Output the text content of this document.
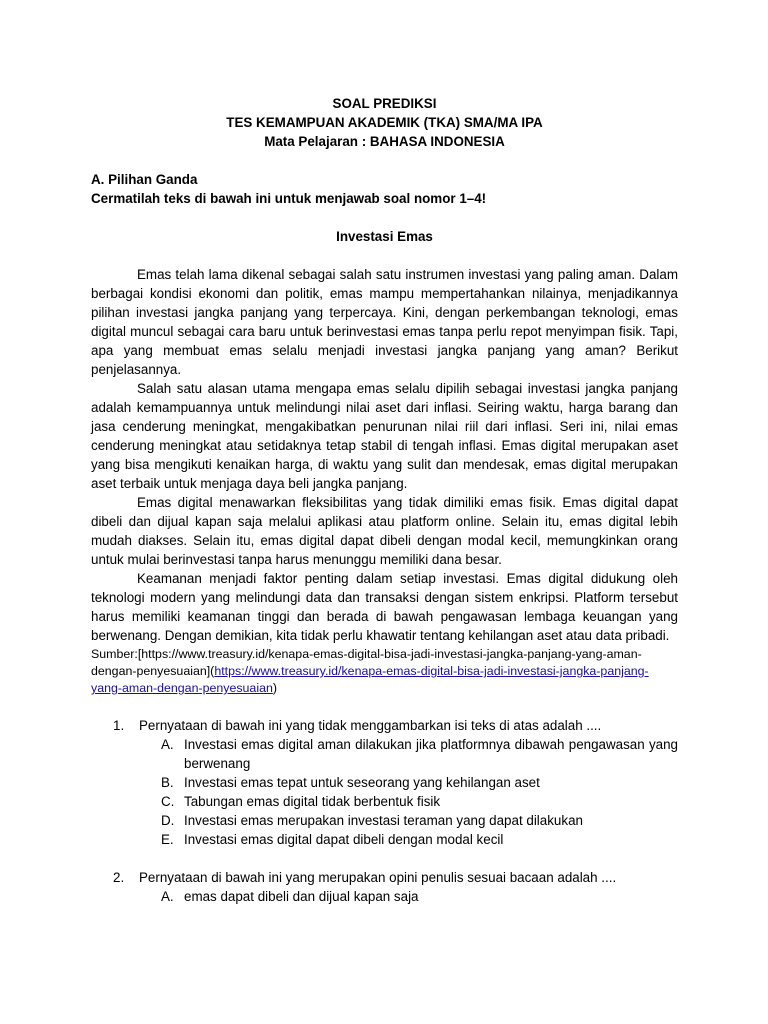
SOAL PREDIKSI
TES KEMAMPUAN AKADEMIK (TKA) SMA/MA IPA
Mata Pelajaran : BAHASA INDONESIA
A. Pilihan Ganda
Cermatilah teks di bawah ini untuk menjawab soal nomor 1–4!
Investasi Emas

Emas telah lama dikenal sebagai salah satu instrumen investasi yang paling aman. Dalam berbagai kondisi ekonomi dan politik, emas mampu mempertahankan nilainya, menjadikannya pilihan investasi jangka panjang yang terpercaya. Kini, dengan perkembangan teknologi, emas digital muncul sebagai cara baru untuk berinvestasi emas tanpa perlu repot menyimpan fisik. Tapi, apa yang membuat emas selalu menjadi investasi jangka panjang yang aman? Berikut penjelasannya.

Salah satu alasan utama mengapa emas selalu dipilih sebagai investasi jangka panjang adalah kemampuannya untuk melindungi nilai aset dari inflasi. Seiring waktu, harga barang dan jasa cenderung meningkat, mengakibatkan penurunan nilai riil dari inflasi. Seri ini, nilai emas cenderung meningkat atau setidaknya tetap stabil di tengah inflasi. Emas digital merupakan aset yang bisa mengikuti kenaikan harga, di waktu yang sulit dan mendesak, emas digital merupakan aset terbaik untuk menjaga daya beli jangka panjang.

Emas digital menawarkan fleksibilitas yang tidak dimiliki emas fisik. Emas digital dapat dibeli dan dijual kapan saja melalui aplikasi atau platform online. Selain itu, emas digital lebih mudah diakses. Selain itu, emas digital dapat dibeli dengan modal kecil, memungkinkan orang untuk mulai berinvestasi tanpa harus menunggu memiliki dana besar.

Keamanan menjadi faktor penting dalam setiap investasi. Emas digital didukung oleh teknologi modern yang melindungi data dan transaksi dengan sistem enkripsi. Platform tersebut harus memiliki keamanan tinggi dan berada di bawah pengawasan lembaga keuangan yang berwenang. Dengan demikian, kita tidak perlu khawatir tentang kehilangan aset atau data pribadi.

Sumber:[https://www.treasury.id/kenapa-emas-digital-bisa-jadi-investasi-jangka-panjang-yang-aman-dengan-penyesuaian](https://www.treasury.id/kenapa-emas-digital-bisa-jadi-investasi-jangka-panjang-yang-aman-dengan-penyesuaian)
1.	Pernyataan di bawah ini yang tidak menggambarkan isi teks di atas adalah ....
A. Investasi emas digital aman dilakukan jika platformnya dibawah pengawasan yang berwenang
B. Investasi emas tepat untuk seseorang yang kehilangan aset
C. Tabungan emas digital tidak berbentuk fisik
D. Investasi emas merupakan investasi teraman yang dapat dilakukan
E. Investasi emas digital dapat dibeli dengan modal kecil
2.	Pernyataan di bawah ini yang merupakan opini penulis sesuai bacaan adalah ....
A. emas dapat dibeli dan dijual kapan saja
